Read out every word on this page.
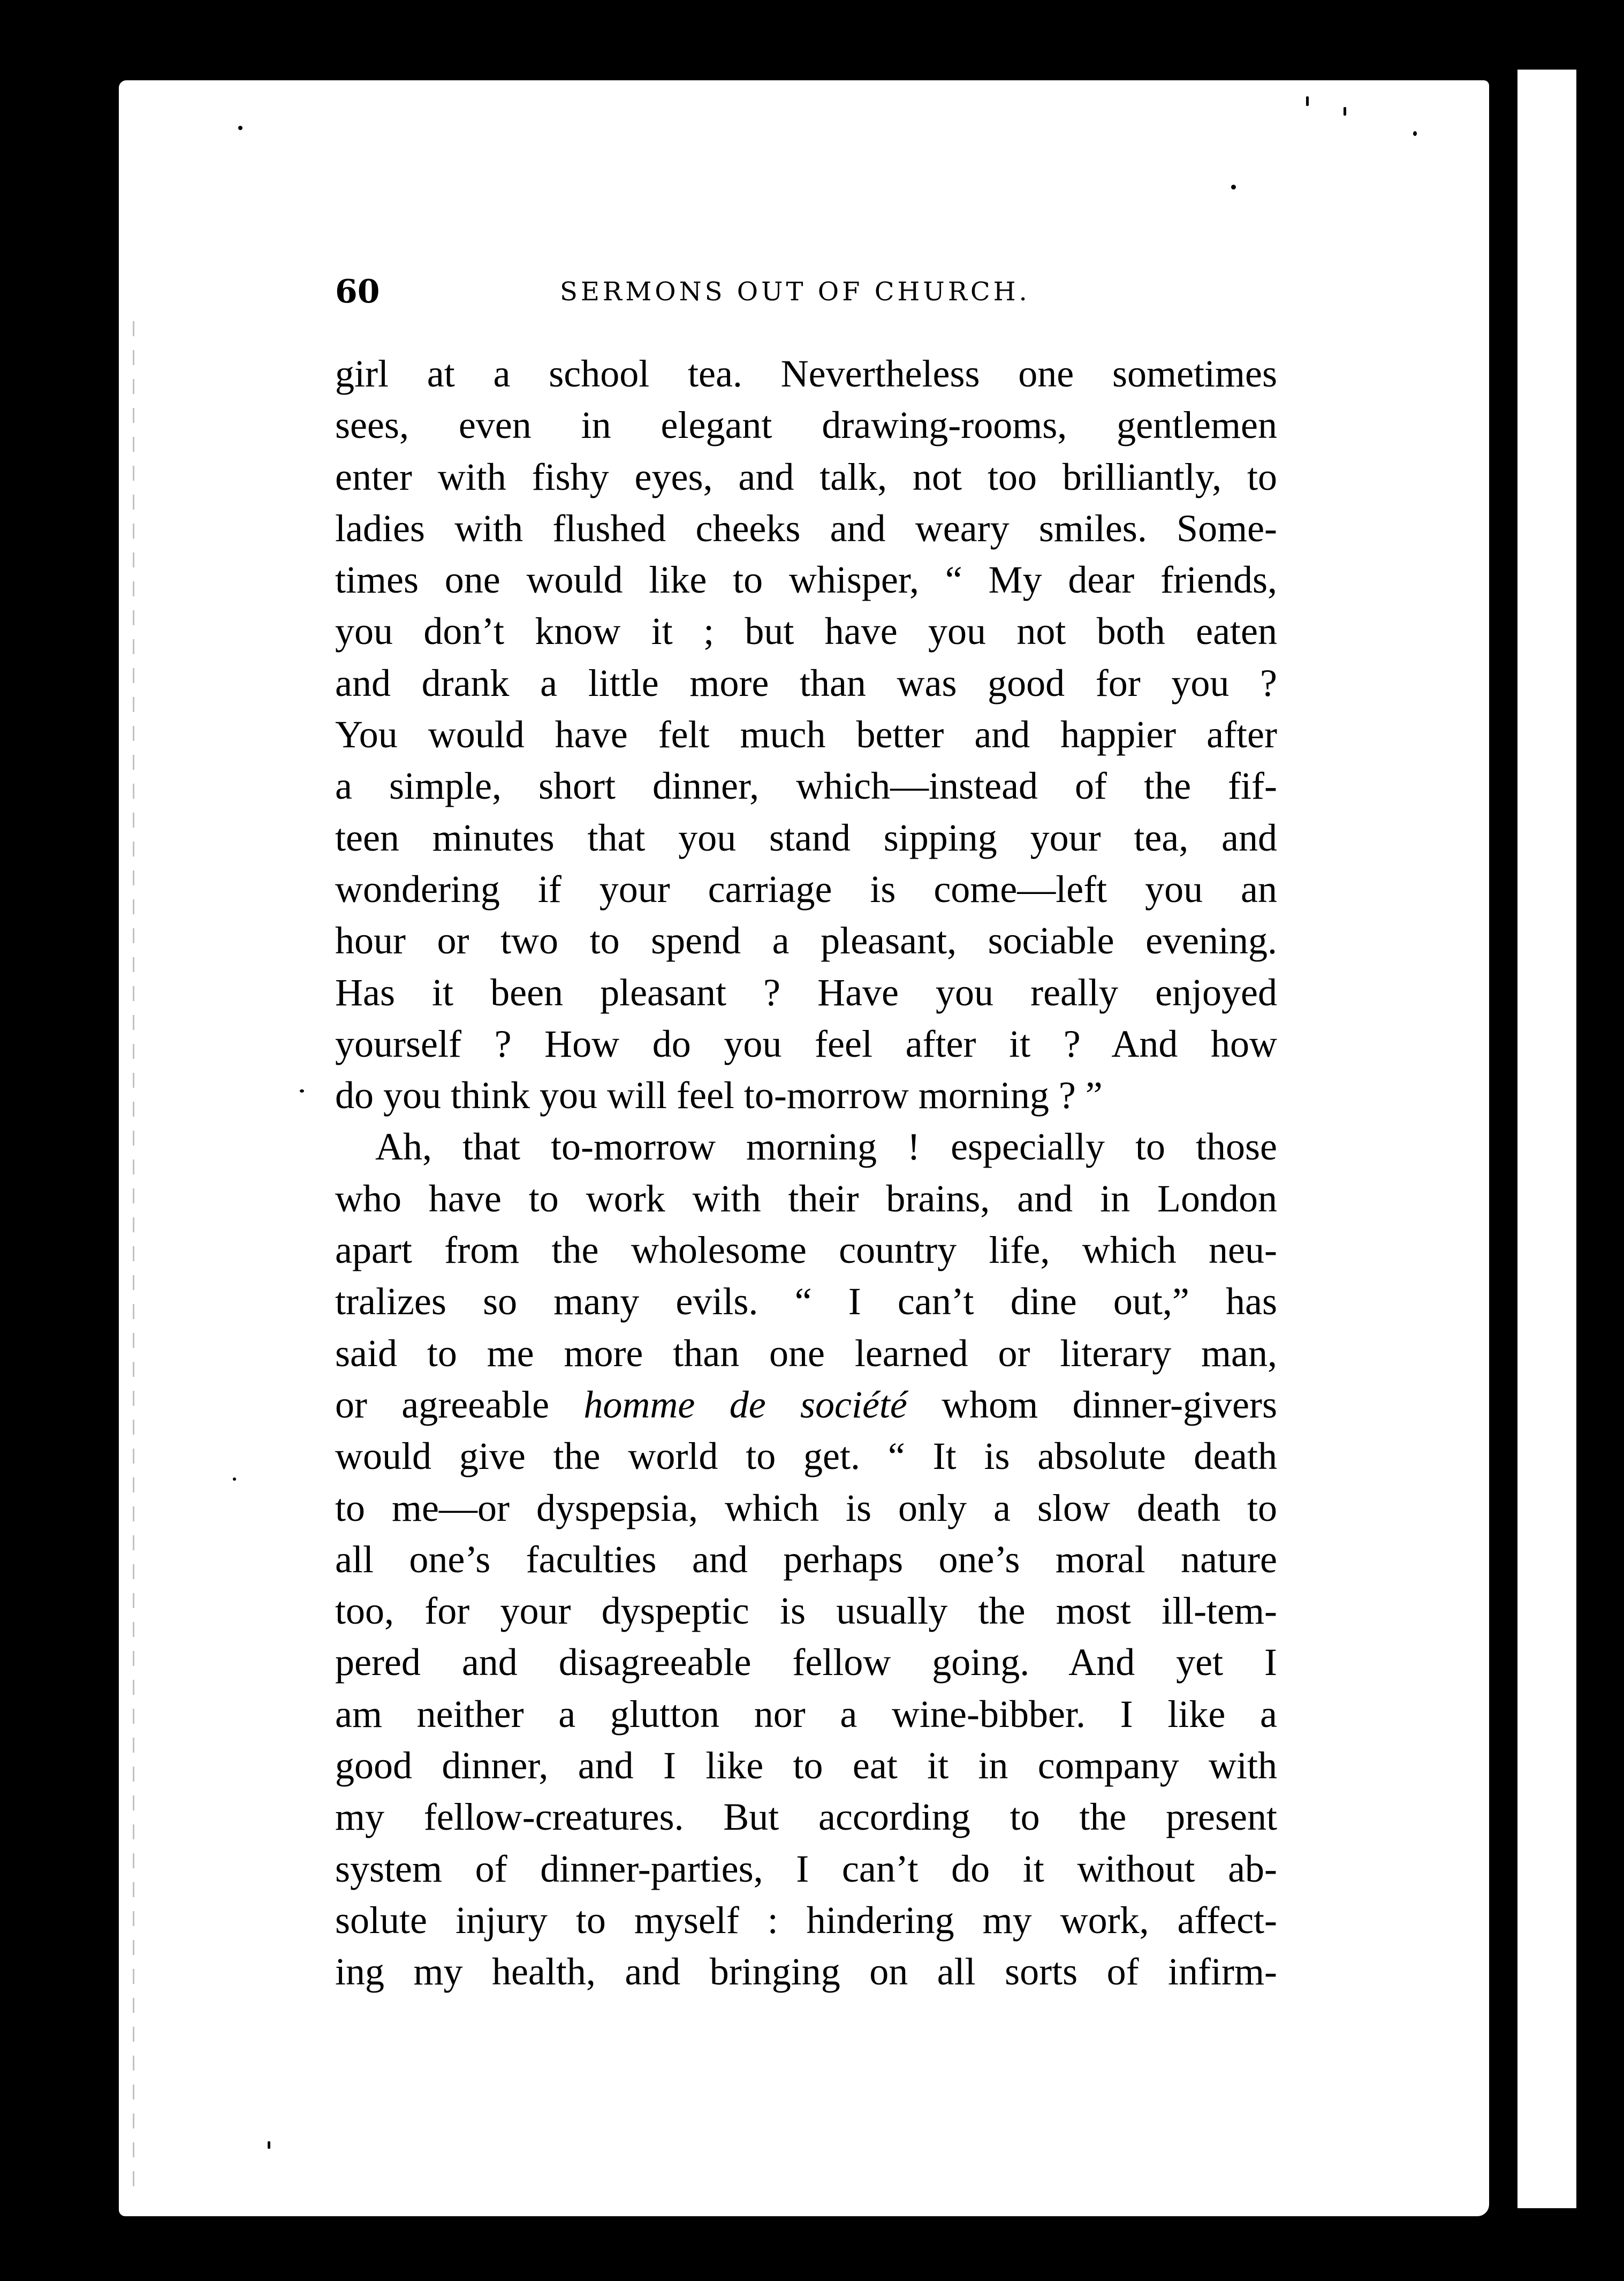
60	SERMONS OUT OF CHURCH.
girl at a school tea. Nevertheless one sometimes
sees, even in elegant drawing-rooms, gentlemen
enter with fishy eyes, and talk, not too brilliantly, to
ladies with flushed cheeks and weary smiles. Some-
times one would like to whisper, “ My dear friends,
you don’t know it ; but have you not both eaten
and drank a little more than was good for you ?
You would have felt much better and happier after
a simple, short dinner, which—instead of the fif-
teen minutes that you stand sipping your tea, and
wondering if your carriage is come—left you an
hour or two to spend a pleasant, sociable evening.
Has it been pleasant ? Have you really enjoyed
yourself ? How do you feel after it ? And how
do you think you will feel to-morrow morning ? ”
Ah, that to-morrow morning ! especially to those
who have to work with their brains, and in London
apart from the wholesome country life, which neu-
tralizes so many evils. “ I can’t dine out,” has
said to me more than one learned or literary man,
or agreeable homme de société whom dinner-givers
would give the world to get. “ It is absolute death
to me—or dyspepsia, which is only a slow death to
all one’s faculties and perhaps one’s moral nature
too, for your dyspeptic is usually the most ill-tem-
pered and disagreeable fellow going. And yet I
am neither a glutton nor a wine-bibber. I like a
good dinner, and I like to eat it in company with
my fellow-creatures. But according to the present
system of dinner-parties, I can’t do it without ab-
solute injury to myself : hindering my work, affect-
ing my health, and bringing on all sorts of infirm-
